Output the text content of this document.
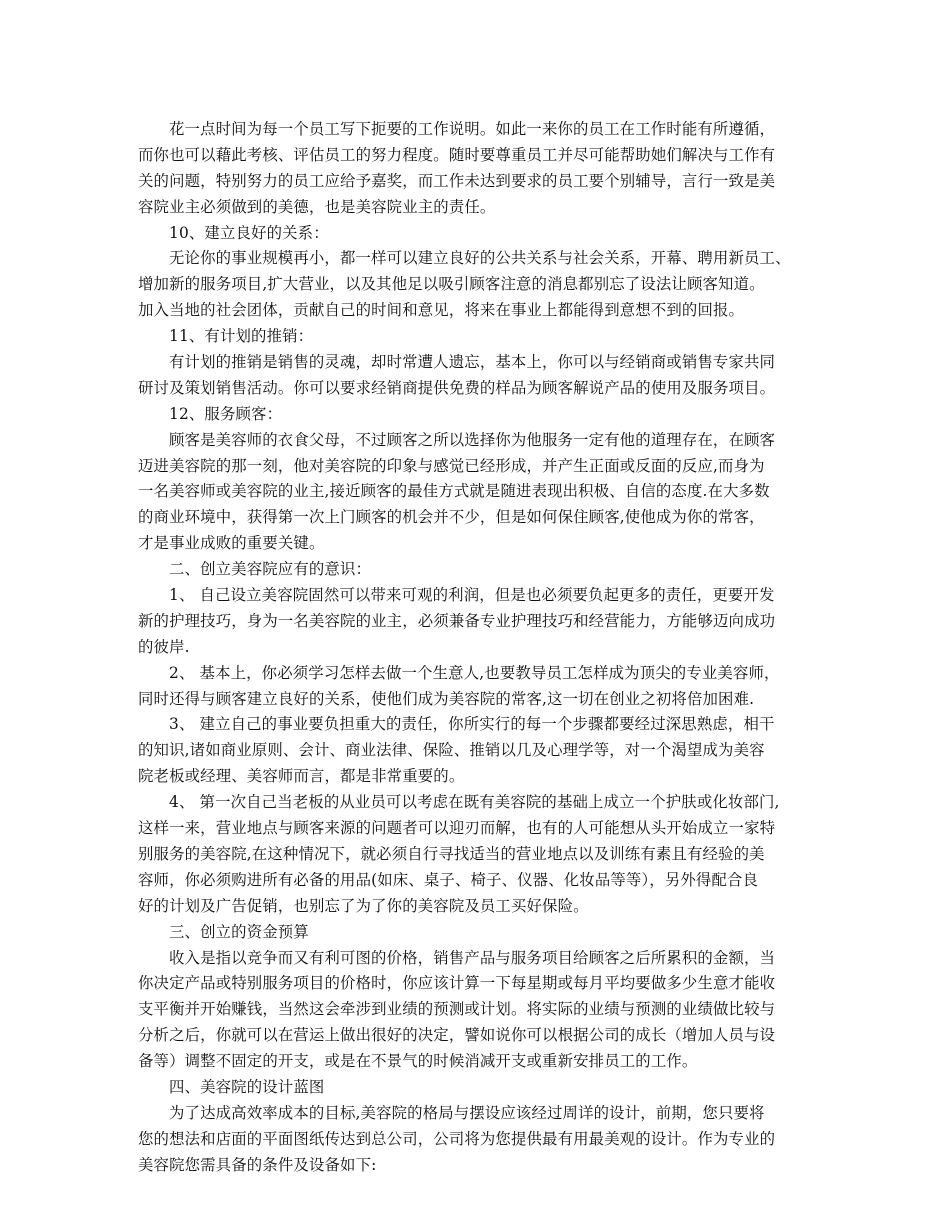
花一点时间为每一个员工写下扼要的工作说明。如此一来你的员工在工作时能有所遵循，
而你也可以藉此考核、评估员工的努力程度。随时要尊重员工并尽可能帮助她们解决与工作有
关的问题，特别努力的员工应给予嘉奖，而工作未达到要求的员工要个别辅导，言行一致是美
容院业主必须做到的美德，也是美容院业主的责任。
10、建立良好的关系：
无论你的事业规模再小，都一样可以建立良好的公共关系与社会关系，开幕、聘用新员工、
增加新的服务项目,扩大营业，以及其他足以吸引顾客注意的消息都别忘了设法让顾客知道。
加入当地的社会团体，贡献自己的时间和意见，将来在事业上都能得到意想不到的回报。
11、有计划的推销：
有计划的推销是销售的灵魂，却时常遭人遗忘，基本上，你可以与经销商或销售专家共同
研讨及策划销售活动。你可以要求经销商提供免费的样品为顾客解说产品的使用及服务项目。
12、服务顾客：
顾客是美容师的衣食父母，不过顾客之所以选择你为他服务一定有他的道理存在，在顾客
迈进美容院的那一刻，他对美容院的印象与感觉已经形成，并产生正面或反面的反应,而身为
一名美容师或美容院的业主,接近顾客的最佳方式就是随进表现出积极、自信的态度.在大多数
的商业环境中，获得第一次上门顾客的机会并不少，但是如何保住顾客,使他成为你的常客，
才是事业成败的重要关键。
二、创立美容院应有的意识：
1、 自己设立美容院固然可以带来可观的利润，但是也必须要负起更多的责任，更要开发
新的护理技巧，身为一名美容院的业主，必须兼备专业护理技巧和经营能力，方能够迈向成功
的彼岸.
2、 基本上，你必须学习怎样去做一个生意人,也要教导员工怎样成为顶尖的专业美容师，
同时还得与顾客建立良好的关系，使他们成为美容院的常客,这一切在创业之初将倍加困难.
3、 建立自己的事业要负担重大的责任，你所实行的每一个步骤都要经过深思熟虑，相干
的知识,诸如商业原则、会计、商业法律、保险、推销以几及心理学等，对一个渴望成为美容
院老板或经理、美容师而言，都是非常重要的。
4、 第一次自己当老板的从业员可以考虑在既有美容院的基础上成立一个护肤或化妆部门,
这样一来，营业地点与顾客来源的问题者可以迎刃而解，也有的人可能想从头开始成立一家特
别服务的美容院,在这种情况下，就必须自行寻找适当的营业地点以及训练有素且有经验的美
容师，你必须购进所有必备的用品(如床、桌子、椅子、仪器、化妆品等等），另外得配合良
好的计划及广告促销，也别忘了为了你的美容院及员工买好保险。
三、创立的资金预算
收入是指以竞争而又有利可图的价格，销售产品与服务项目给顾客之后所累积的金额，当
你决定产品或特别服务项目的价格时，你应该计算一下每星期或每月平均要做多少生意才能收
支平衡并开始赚钱，当然这会牵涉到业绩的预测或计划。将实际的业绩与预测的业绩做比较与
分析之后，你就可以在营运上做出很好的决定，譬如说你可以根据公司的成长（增加人员与设
备等）调整不固定的开支，或是在不景气的时候消减开支或重新安排员工的工作。
四、美容院的设计蓝图
为了达成高效率成本的目标,美容院的格局与摆设应该经过周详的设计，前期，您只要将
您的想法和店面的平面图纸传达到总公司，公司将为您提供最有用最美观的设计。作为专业的
美容院您需具备的条件及设备如下:
